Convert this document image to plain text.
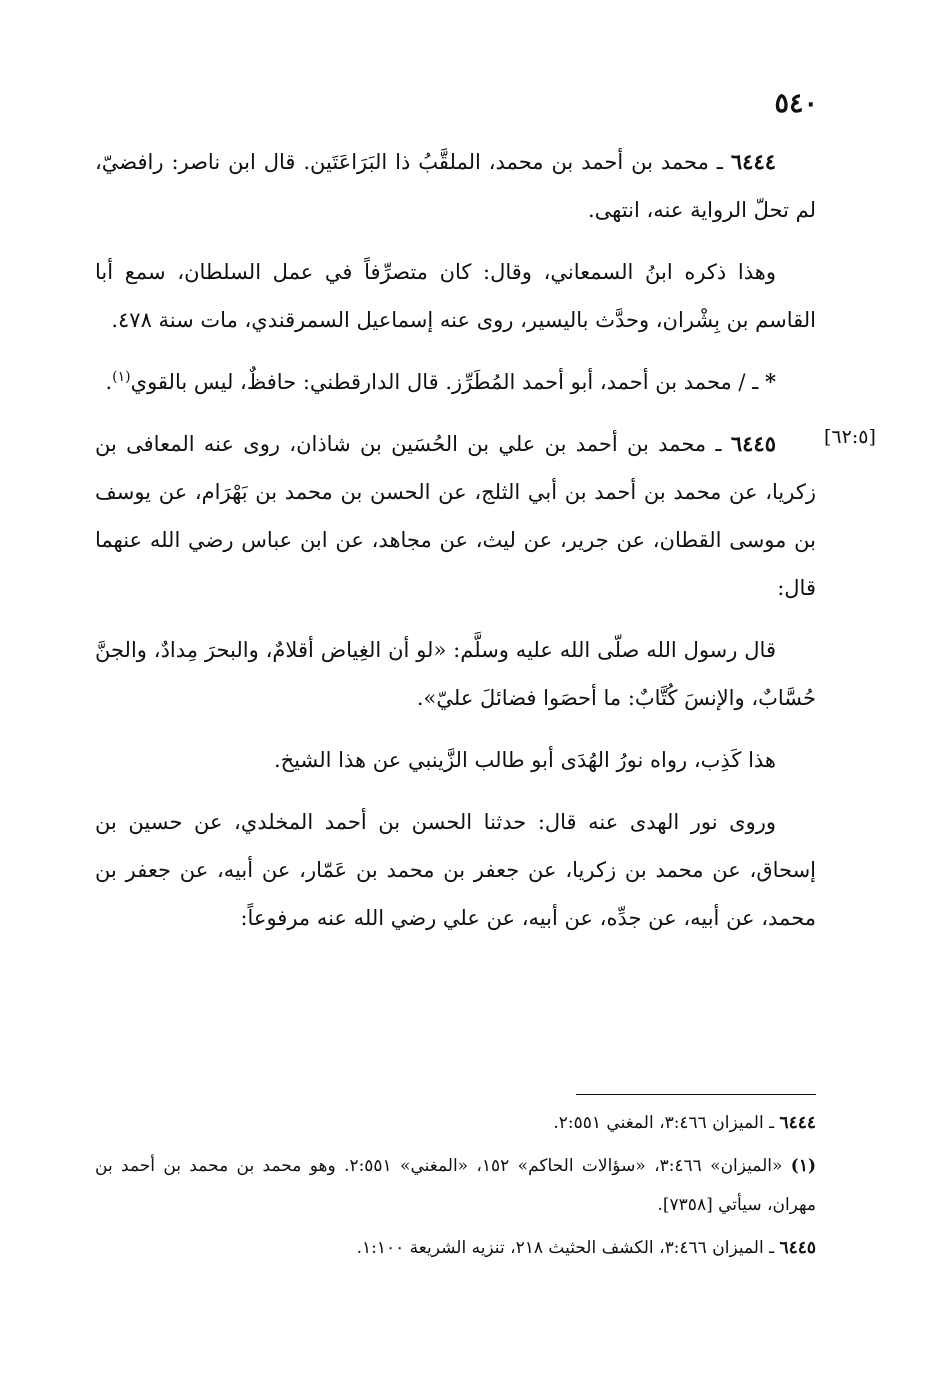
٥٤٠
[٦٢:٥]

٦٤٤٤ ـ محمد بن أحمد بن محمد، الملقَّبُ ذا البَرَاعَتَين. قال ابن ناصر: رافضيّ، لم تحلّ الرواية عنه، انتهى.

وهذا ذكره ابنُ السمعاني، وقال: كان متصرِّفاً في عمل السلطان، سمع أبا القاسم بن بِشْران، وحدَّث باليسير، روى عنه إسماعيل السمرقندي، مات سنة ٤٧٨.

* ـ / محمد بن أحمد، أبو أحمد المُطَرِّز. قال الدارقطني: حافظٌ، ليس بالقوي$^{(١)}$.

٦٤٤٥ ـ محمد بن أحمد بن علي بن الحُسَين بن شاذان، روى عنه المعافى بن زكريا، عن محمد بن أحمد بن أبي الثلج، عن الحسن بن محمد بن بَهْرَام، عن يوسف بن موسى القطان، عن جرير، عن ليث، عن مجاهد، عن ابن عباس رضي الله عنهما قال:

قال رسول الله صلّى الله عليه وسلَّم: «لو أن الغِياض أقلامٌ، والبحرَ مِدادٌ، والجنَّ حُسَّابٌ، والإنسَ كُتَّابٌ: ما أحصَوا فضائلَ عليّ».

هذا كَذِب، رواه نورُ الهُدَى أبو طالب الزَّينبي عن هذا الشيخ.

وروى نور الهدى عنه قال: حدثنا الحسن بن أحمد المخلدي، عن حسين بن إسحاق، عن محمد بن زكريا، عن جعفر بن محمد بن عَمّار، عن أبيه، عن جعفر بن محمد، عن أبيه، عن جدِّه، عن أبيه، عن علي رضي الله عنه مرفوعاً:

٦٤٤٤ ـ الميزان ٣:٤٦٦، المغني ٢:٥٥١.

(١) «الميزان» ٣:٤٦٦، «سؤالات الحاكم» ١٥٢، «المغني» ٢:٥٥١. وهو محمد بن محمد بن أحمد بن مهران، سيأتي [٧٣٥٨].

٦٤٤٥ ـ الميزان ٣:٤٦٦، الكشف الحثيث ٢١٨، تنزيه الشريعة ١:١٠٠.
